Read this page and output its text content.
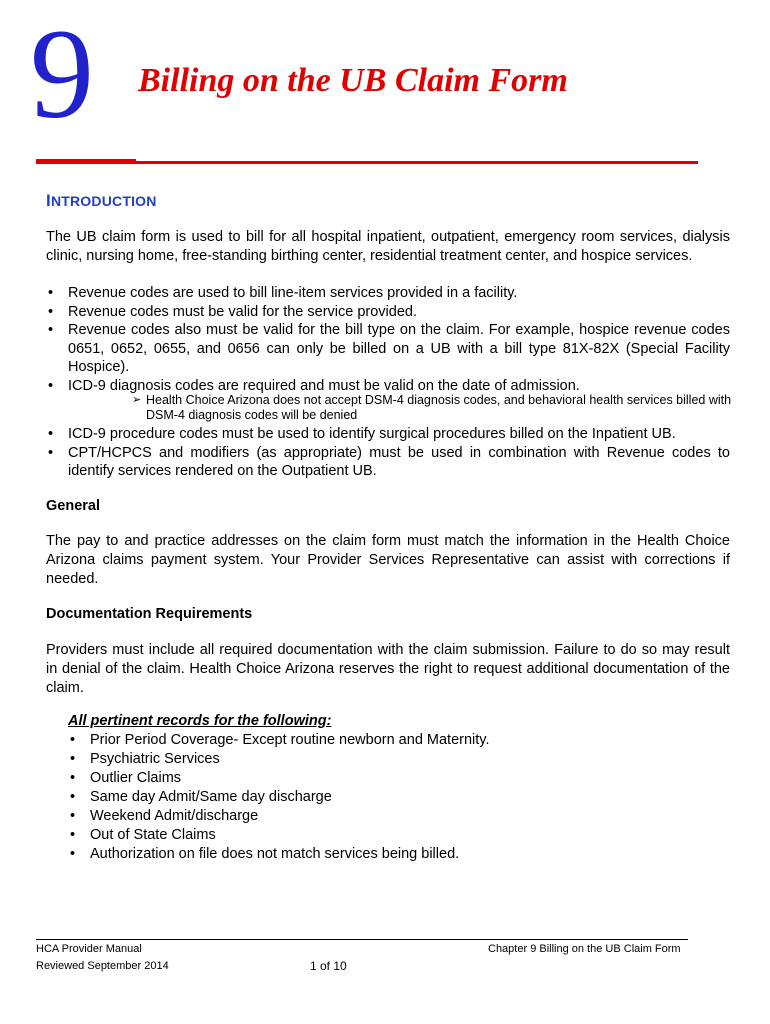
9 Billing on the UB Claim Form
INTRODUCTION

The UB claim form is used to bill for all hospital inpatient, outpatient, emergency room services, dialysis clinic, nursing home, free-standing birthing center, residential treatment center, and hospice services.

• Revenue codes are used to bill line-item services provided in a facility.
• Revenue codes must be valid for the service provided.
• Revenue codes also must be valid for the bill type on the claim. For example, hospice revenue codes 0651, 0652, 0655, and 0656 can only be billed on a UB with a bill type 81X-82X (Special Facility Hospice).
• ICD-9 diagnosis codes are required and must be valid on the date of admission.
➢ Health Choice Arizona does not accept DSM-4 diagnosis codes, and behavioral health services billed with DSM-4 diagnosis codes will be denied
• ICD-9 procedure codes must be used to identify surgical procedures billed on the Inpatient UB.
• CPT/HCPCS and modifiers (as appropriate) must be used in combination with Revenue codes to identify services rendered on the Outpatient UB.
General

The pay to and practice addresses on the claim form must match the information in the Health Choice Arizona claims payment system. Your Provider Services Representative can assist with corrections if needed.

Documentation Requirements

Providers must include all required documentation with the claim submission. Failure to do so may result in denial of the claim. Health Choice Arizona reserves the right to request additional documentation of the claim.

All pertinent records for the following:
• Prior Period Coverage- Except routine newborn and Maternity.
• Psychiatric Services
• Outlier Claims
• Same day Admit/Same day discharge
• Weekend Admit/discharge
• Out of State Claims
• Authorization on file does not match services being billed.
HCA Provider Manual
Reviewed September 2014	1 of 10
Chapter 9 Billing on the UB Claim Form
